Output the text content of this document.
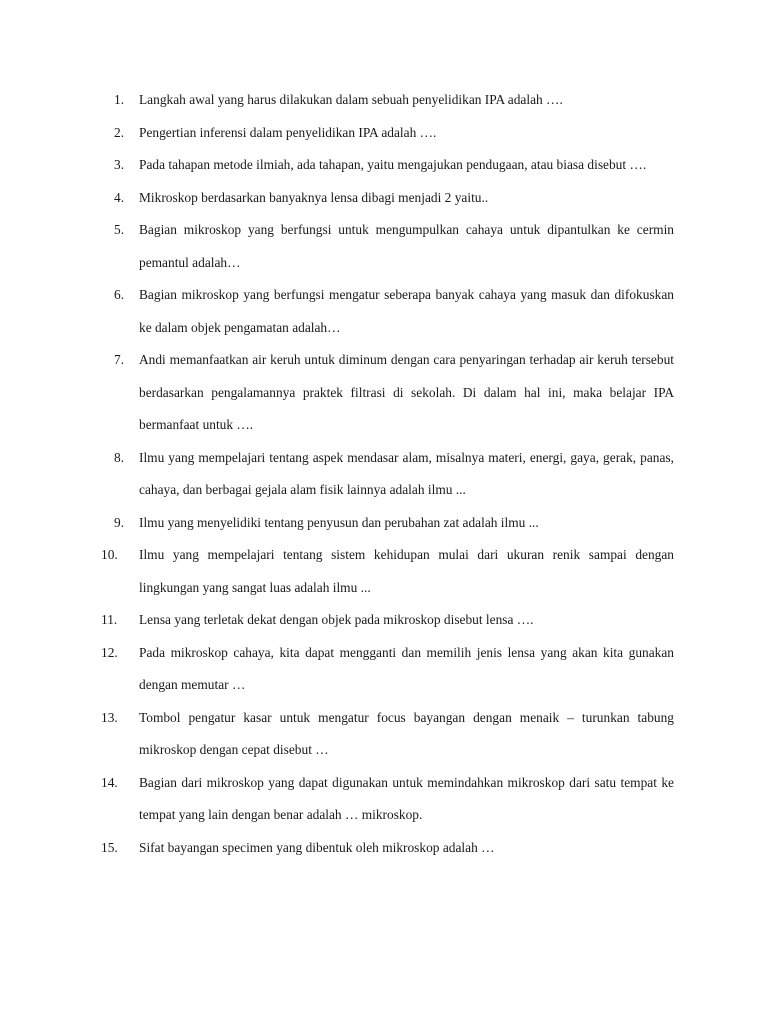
1.	Langkah awal yang harus dilakukan dalam sebuah penyelidikan IPA adalah ….
2.	Pengertian inferensi dalam penyelidikan IPA adalah ….
3.	Pada tahapan metode ilmiah, ada tahapan, yaitu mengajukan pendugaan, atau biasa disebut ….
4.	Mikroskop berdasarkan banyaknya lensa dibagi menjadi 2 yaitu..
5.	Bagian mikroskop yang berfungsi untuk mengumpulkan cahaya untuk dipantulkan ke cermin pemantul adalah…
6.	Bagian mikroskop yang berfungsi mengatur seberapa banyak cahaya yang masuk dan difokuskan ke dalam objek pengamatan adalah…
7.	Andi memanfaatkan air keruh untuk diminum dengan cara penyaringan terhadap air keruh tersebut berdasarkan pengalamannya praktek filtrasi di sekolah. Di dalam hal ini, maka belajar IPA bermanfaat untuk ….
8.	Ilmu yang mempelajari tentang aspek mendasar alam, misalnya materi, energi, gaya, gerak, panas, cahaya, dan berbagai gejala alam fisik lainnya adalah ilmu ...
9.	Ilmu yang menyelidiki tentang penyusun dan perubahan zat adalah ilmu ...
10.	Ilmu yang mempelajari tentang sistem kehidupan mulai dari ukuran renik sampai dengan lingkungan yang sangat luas adalah ilmu ...
11.	Lensa yang terletak dekat dengan objek pada mikroskop disebut lensa ….
12.	Pada mikroskop cahaya, kita dapat mengganti dan memilih jenis lensa yang akan kita gunakan dengan memutar …
13.	Tombol pengatur kasar untuk mengatur focus bayangan dengan menaik – turunkan tabung mikroskop dengan cepat disebut …
14.	Bagian dari mikroskop yang dapat digunakan untuk memindahkan mikroskop dari satu tempat ke tempat yang lain dengan benar adalah … mikroskop.
15.	Sifat bayangan specimen yang dibentuk oleh mikroskop adalah …
